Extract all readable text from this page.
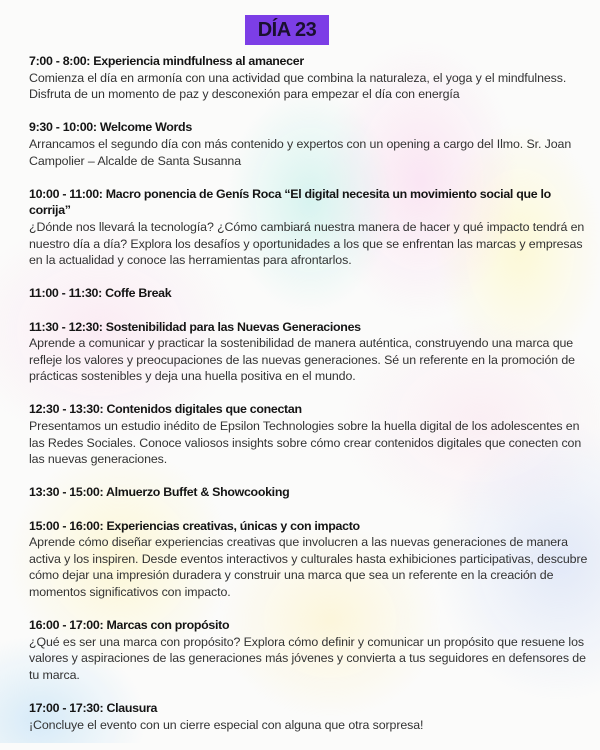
DÍA 23
7:00 - 8:00: Experiencia mindfulness al amanecer
Comienza el día en armonía con una actividad que combina la naturaleza, el yoga y el mindfulness. Disfruta de un momento de paz y desconexión para empezar el día con energía
9:30 - 10:00: Welcome Words
Arrancamos el segundo día con más contenido y expertos con un opening a cargo del Ilmo. Sr. Joan Campolier – Alcalde de Santa Susanna
10:00 - 11:00: Macro ponencia de Genís Roca “El digital necesita un movimiento social que lo corrija”
¿Dónde nos llevará la tecnología? ¿Cómo cambiará nuestra manera de hacer y qué impacto tendrá en nuestro día a día? Explora los desafíos y oportunidades a los que se enfrentan las marcas y empresas en la actualidad y conoce las herramientas para afrontarlos.
11:00 - 11:30: Coffe Break
11:30 - 12:30: Sostenibilidad para las Nuevas Generaciones
Aprende a comunicar y practicar la sostenibilidad de manera auténtica, construyendo una marca que refleje los valores y preocupaciones de las nuevas generaciones. Sé un referente en la promoción de prácticas sostenibles y deja una huella positiva en el mundo.
12:30 - 13:30: Contenidos digitales que conectan
Presentamos un estudio inédito de Epsilon Technologies sobre la huella digital de los adolescentes en las Redes Sociales. Conoce valiosos insights sobre cómo crear contenidos digitales que conecten con las nuevas generaciones.
13:30 - 15:00: Almuerzo Buffet & Showcooking
15:00 - 16:00: Experiencias creativas, únicas y con impacto
Aprende cómo diseñar experiencias creativas que involucren a las nuevas generaciones de manera activa y los inspiren. Desde eventos interactivos y culturales hasta exhibiciones participativas, descubre cómo dejar una impresión duradera y construir una marca que sea un referente en la creación de momentos significativos con impacto.
16:00 - 17:00: Marcas con propósito
¿Qué es ser una marca con propósito? Explora cómo definir y comunicar un propósito que resuene los valores y aspiraciones de las generaciones más jóvenes y convierta a tus seguidores en defensores de tu marca.
17:00 - 17:30: Clausura
¡Concluye el evento con un cierre especial con alguna que otra sorpresa!
